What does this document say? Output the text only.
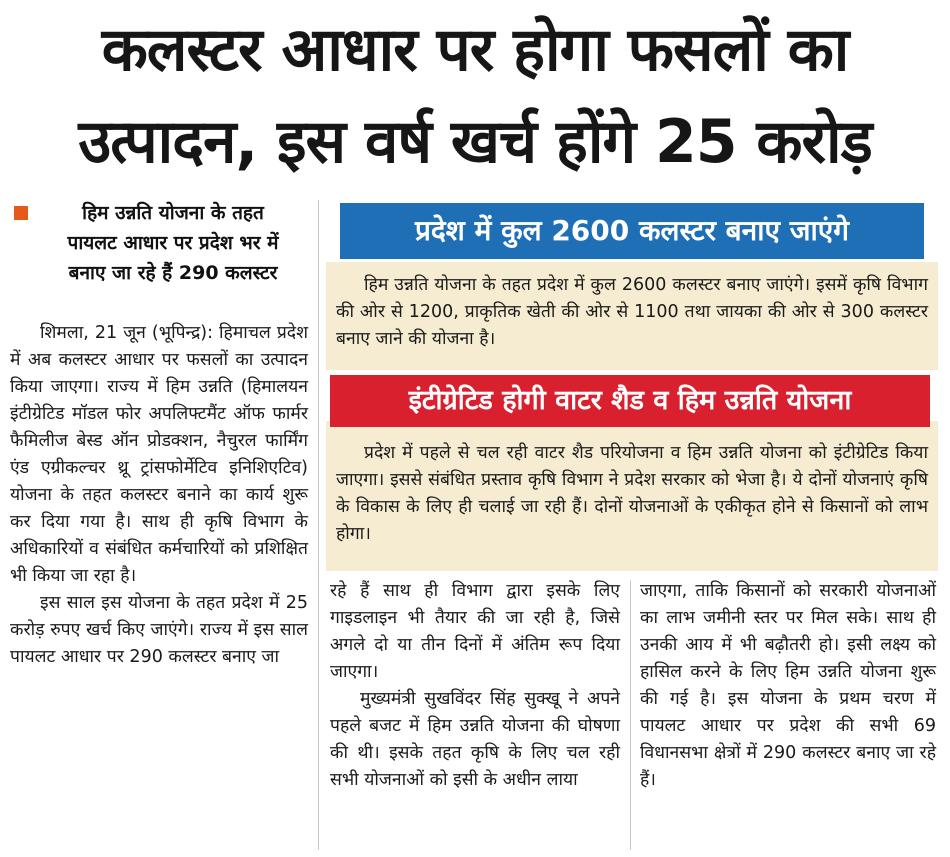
कलस्टर आधार पर होगा फसलों का
उत्पादन, इस वर्ष खर्च होंगे 25 करोड़
हिम उन्नति योजना के तहत
पायलट आधार पर प्रदेश भर में
बनाए जा रहे हैं 290 कलस्टर

शिमला, 21 जून (भूपिन्द्र): हिमाचल प्रदेश में अब कलस्टर आधार पर फसलों का उत्पादन किया जाएगा। राज्य में हिम उन्नति (हिमालयन इंटीग्रेटिड मॉडल फोर अपलिफ्टमैंट ऑफ फार्मर फैमिलीज बेस्ड ऑन प्रोडक्शन, नैचुरल फार्मिंग एंड एग्रीकल्चर थ्रू ट्रांसफोर्मेटिव इनिशिएटिव) योजना के तहत कलस्टर बनाने का कार्य शुरू कर दिया गया है। साथ ही कृषि विभाग के अधिकारियों व संबंधित कर्मचारियों को प्रशिक्षित भी किया जा रहा है।

इस साल इस योजना के तहत प्रदेश में 25 करोड़ रुपए खर्च किए जाएंगे। राज्य में इस साल पायलट आधार पर 290 कलस्टर बनाए जा

प्रदेश में कुल 2600 कलस्टर बनाए जाएंगे
हिम उन्नति योजना के तहत प्रदेश में कुल 2600 कलस्टर बनाए जाएंगे। इसमें कृषि विभाग की ओर से 1200, प्राकृतिक खेती की ओर से 1100 तथा जायका की ओर से 300 कलस्टर बनाए जाने की योजना है।
इंटीग्रेटिड होगी वाटर शैड व हिम उन्नति योजना
प्रदेश में पहले से चल रही वाटर शैड परियोजना व हिम उन्नति योजना को इंटीग्रेटिड किया जाएगा। इससे संबंधित प्रस्ताव कृषि विभाग ने प्रदेश सरकार को भेजा है। ये दोनों योजनाएं कृषि के विकास के लिए ही चलाई जा रही हैं। दोनों योजनाओं के एकीकृत होने से किसानों को लाभ होगा।

रहे हैं साथ ही विभाग द्वारा इसके लिए गाइडलाइन भी तैयार की जा रही है, जिसे अगले दो या तीन दिनों में अंतिम रूप दिया जाएगा।

मुख्यमंत्री सुखविंदर सिंह सुक्खू ने अपने पहले बजट में हिम उन्नति योजना की घोषणा की थी। इसके तहत कृषि के लिए चल रही सभी योजनाओं को इसी के अधीन लाया

जाएगा, ताकि किसानों को सरकारी योजनाओं का लाभ जमीनी स्तर पर मिल सके। साथ ही उनकी आय में भी बढ़ौतरी हो। इसी लक्ष्य को हासिल करने के लिए हिम उन्नति योजना शुरू की गई है। इस योजना के प्रथम चरण में पायलट आधार पर प्रदेश की सभी 69 विधानसभा क्षेत्रों में 290 कलस्टर बनाए जा रहे हैं।
